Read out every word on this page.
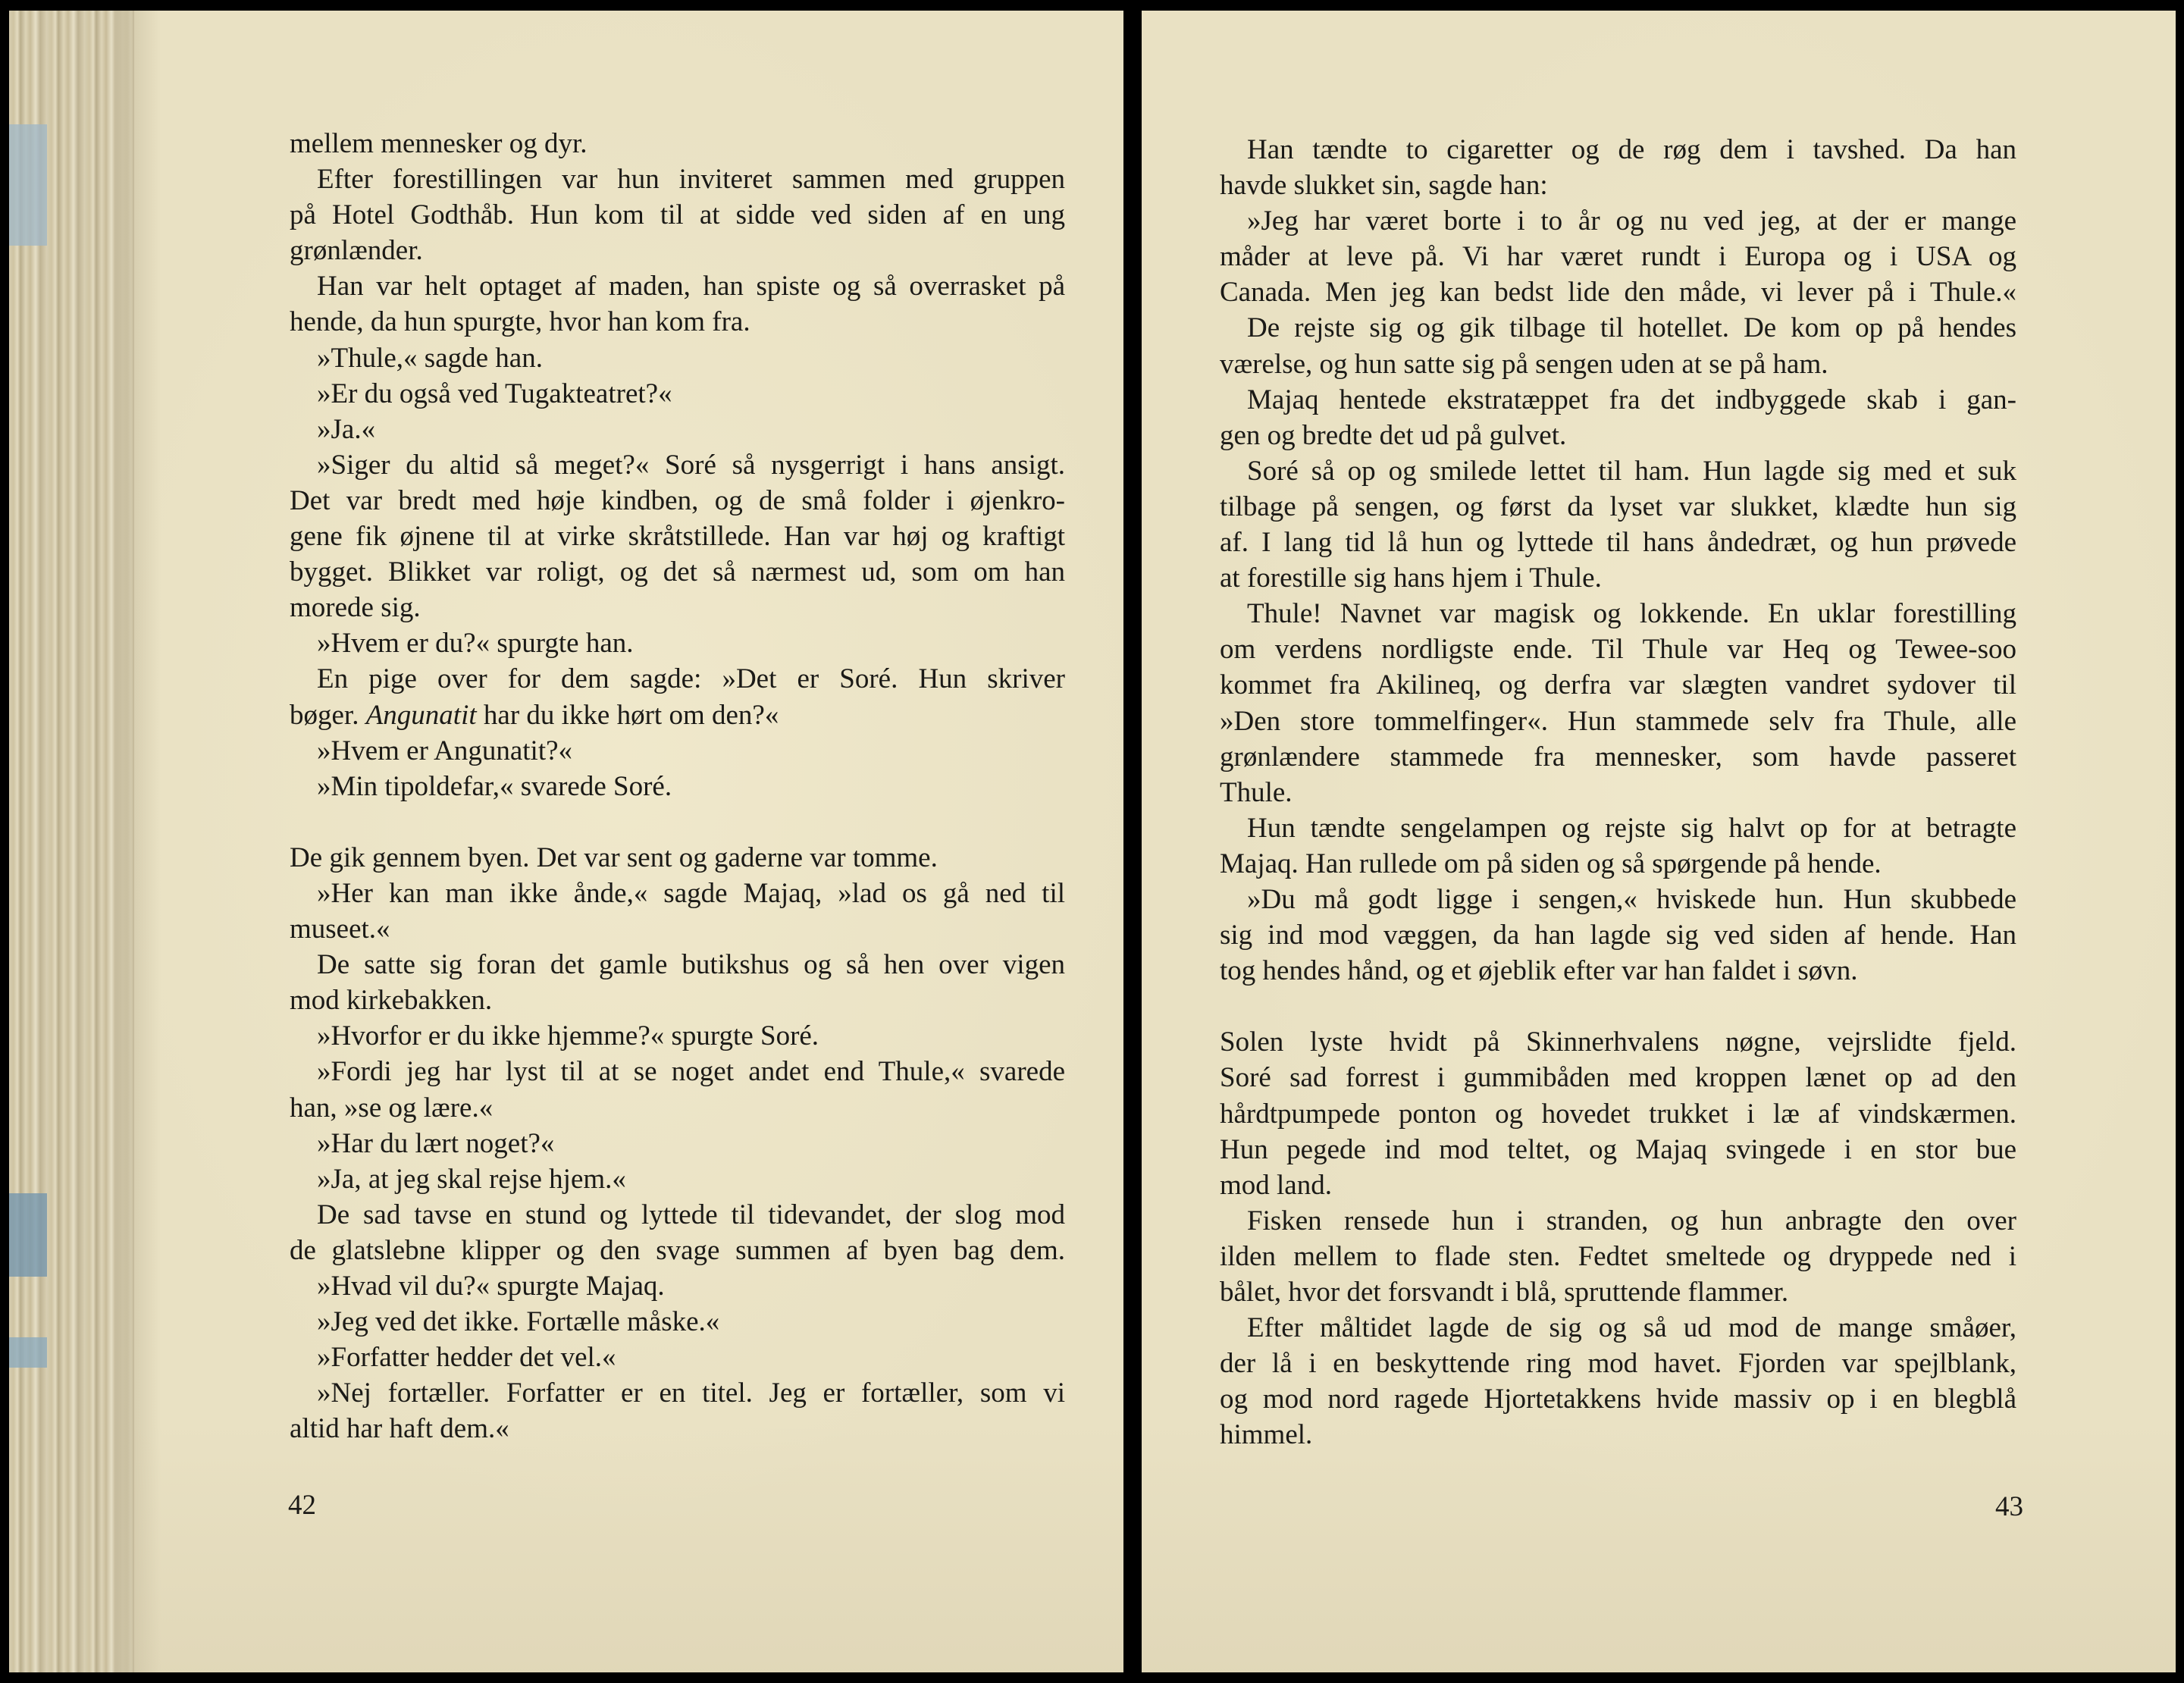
mellem mennesker og dyr.
Efter forestillingen var hun inviteret sammen med gruppen
på Hotel Godthåb. Hun kom til at sidde ved siden af en ung
grønlænder.
Han var helt optaget af maden, han spiste og så overrasket på
hende, da hun spurgte, hvor han kom fra.
»Thule,« sagde han.
»Er du også ved Tugakteatret?«
»Ja.«
»Siger du altid så meget?« Soré så nysgerrigt i hans ansigt.
Det var bredt med høje kindben, og de små folder i øjenkro-
gene fik øjnene til at virke skråtstillede. Han var høj og kraftigt
bygget. Blikket var roligt, og det så nærmest ud, som om han
morede sig.
»Hvem er du?« spurgte han.
En pige over for dem sagde: »Det er Soré. Hun skriver
bøger. Angunatit har du ikke hørt om den?«
»Hvem er Angunatit?«
»Min tipoldefar,« svarede Soré.
De gik gennem byen. Det var sent og gaderne var tomme.
»Her kan man ikke ånde,« sagde Majaq, »lad os gå ned til
museet.«
De satte sig foran det gamle butikshus og så hen over vigen
mod kirkebakken.
»Hvorfor er du ikke hjemme?« spurgte Soré.
»Fordi jeg har lyst til at se noget andet end Thule,« svarede
han, »se og lære.«
»Har du lært noget?«
»Ja, at jeg skal rejse hjem.«
De sad tavse en stund og lyttede til tidevandet, der slog mod
de glatslebne klipper og den svage summen af byen bag dem.
»Hvad vil du?« spurgte Majaq.
»Jeg ved det ikke. Fortælle måske.«
»Forfatter hedder det vel.«
»Nej fortæller. Forfatter er en titel. Jeg er fortæller, som vi
altid har haft dem.«
42
Han tændte to cigaretter og de røg dem i tavshed. Da han
havde slukket sin, sagde han:
»Jeg har været borte i to år og nu ved jeg, at der er mange
måder at leve på. Vi har været rundt i Europa og i USA og
Canada. Men jeg kan bedst lide den måde, vi lever på i Thule.«
De rejste sig og gik tilbage til hotellet. De kom op på hendes
værelse, og hun satte sig på sengen uden at se på ham.
Majaq hentede ekstratæppet fra det indbyggede skab i gan-
gen og bredte det ud på gulvet.
Soré så op og smilede lettet til ham. Hun lagde sig med et suk
tilbage på sengen, og først da lyset var slukket, klædte hun sig
af. I lang tid lå hun og lyttede til hans åndedræt, og hun prøvede
at forestille sig hans hjem i Thule.
Thule! Navnet var magisk og lokkende. En uklar forestilling
om verdens nordligste ende. Til Thule var Heq og Tewee-soo
kommet fra Akilineq, og derfra var slægten vandret sydover til
»Den store tommelfinger«. Hun stammede selv fra Thule, alle
grønlændere stammede fra mennesker, som havde passeret
Thule.
Hun tændte sengelampen og rejste sig halvt op for at betragte
Majaq. Han rullede om på siden og så spørgende på hende.
»Du må godt ligge i sengen,« hviskede hun. Hun skubbede
sig ind mod væggen, da han lagde sig ved siden af hende. Han
tog hendes hånd, og et øjeblik efter var han faldet i søvn.
Solen lyste hvidt på Skinnerhvalens nøgne, vejrslidte fjeld.
Soré sad forrest i gummibåden med kroppen lænet op ad den
hårdtpumpede ponton og hovedet trukket i læ af vindskærmen.
Hun pegede ind mod teltet, og Majaq svingede i en stor bue
mod land.
Fisken rensede hun i stranden, og hun anbragte den over
ilden mellem to flade sten. Fedtet smeltede og dryppede ned i
bålet, hvor det forsvandt i blå, spruttende flammer.
Efter måltidet lagde de sig og så ud mod de mange småøer,
der lå i en beskyttende ring mod havet. Fjorden var spejlblank,
og mod nord ragede Hjortetakkens hvide massiv op i en blegblå
himmel.
43
